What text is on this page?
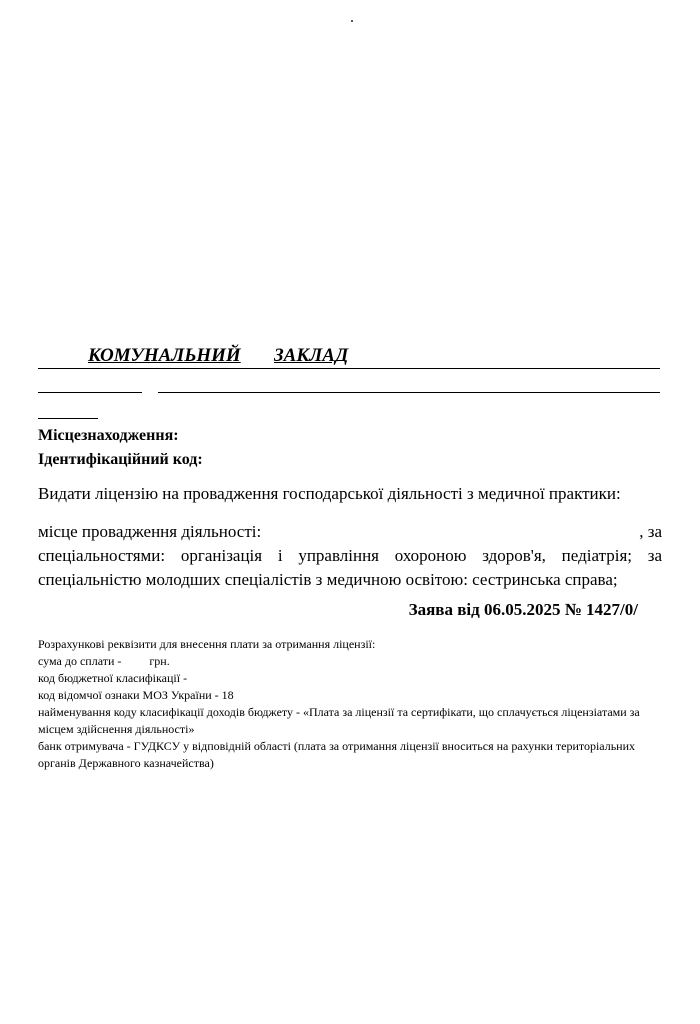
КОМУНАЛЬНИЙ ЗАКЛАД
Місцезнаходження:
Ідентифікаційний код:
Видати ліцензію на провадження господарської діяльності з медичної практики:
місце провадження діяльності:	, за
спеціальностями: організація і управління охороною здоров'я, педіатрія; за спеціальністю молодших спеціалістів з медичною освітою: сестринська справа;
Заява від 06.05.2025 № 1427/0/
Розрахункові реквізити для внесення плати за отримання ліцензії:
сума до сплати - грн.
код бюджетної класифікації -
код відомчої ознаки МОЗ України - 18
найменування коду класифікації доходів бюджету - «Плата за ліцензії та сертифікати, що сплачується ліцензіатами за місцем здійснення діяльності»
банк отримувача - ГУДКСУ у відповідній області (плата за отримання ліцензії вноситься на рахунки територіальних органів Державного казначейства)
